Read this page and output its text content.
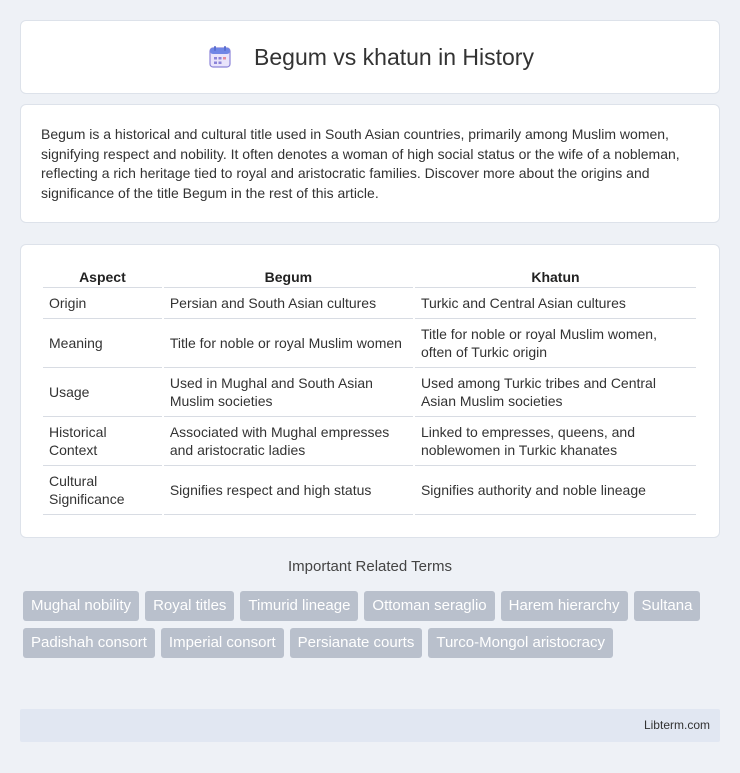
Begum vs khatun in History

Begum is a historical and cultural title used in South Asian countries, primarily among Muslim women, signifying respect and nobility. It often denotes a woman of high social status or the wife of a nobleman, reflecting a rich heritage tied to royal and aristocratic families. Discover more about the origins and significance of the title Begum in the rest of this article.

Aspect	Begum	Khatun
Origin	Persian and South Asian cultures	Turkic and Central Asian cultures
Meaning	Title for noble or royal Muslim women	Title for noble or royal Muslim women, often of Turkic origin
Usage	Used in Mughal and South Asian Muslim societies	Used among Turkic tribes and Central Asian Muslim societies
Historical Context	Associated with Mughal empresses and aristocratic ladies	Linked to empresses, queens, and noblewomen in Turkic khanates
Cultural Significance	Signifies respect and high status	Signifies authority and noble lineage
Important Related Terms
Mughal nobility	Royal titles	Timurid lineage	Ottoman seraglio	Harem hierarchy	Sultana
Padishah consort	Imperial consort	Persianate courts	Turco-Mongol aristocracy
Libterm.com
